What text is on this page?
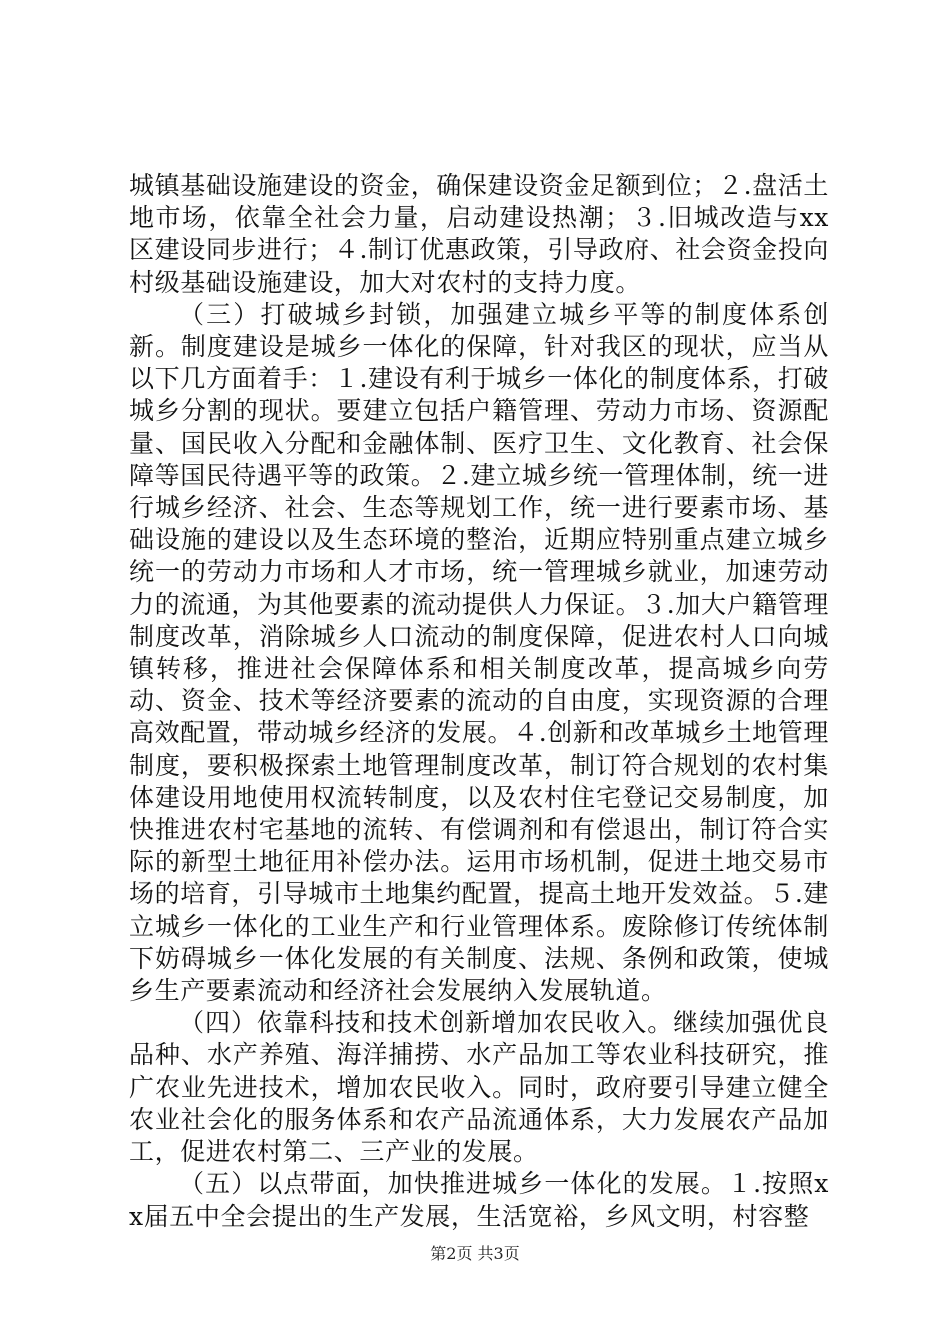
城镇基础设施建设的资金，确保建设资金足额到位；２.盘活土地市场，依靠全社会力量，启动建设热潮；３.旧城改造与xx区建设同步进行；４.制订优惠政策，引导政府、社会资金投向村级基础设施建设，加大对农村的支持力度。

（三）打破城乡封锁，加强建立城乡平等的制度体系创新。制度建设是城乡一体化的保障，针对我区的现状，应当从以下几方面着手：１.建设有利于城乡一体化的制度体系，打破城乡分割的现状。要建立包括户籍管理、劳动力市场、资源配量、国民收入分配和金融体制、医疗卫生、文化教育、社会保障等国民待遇平等的政策。２.建立城乡统一管理体制，统一进行城乡经济、社会、生态等规划工作，统一进行要素市场、基础设施的建设以及生态环境的整治，近期应特别重点建立城乡统一的劳动力市场和人才市场，统一管理城乡就业，加速劳动力的流通，为其他要素的流动提供人力保证。３.加大户籍管理制度改革，消除城乡人口流动的制度保障，促进农村人口向城镇转移，推进社会保障体系和相关制度改革，提高城乡向劳动、资金、技术等经济要素的流动的自由度，实现资源的合理高效配置，带动城乡经济的发展。４.创新和改革城乡土地管理制度，要积极探索土地管理制度改革，制订符合规划的农村集体建设用地使用权流转制度，以及农村住宅登记交易制度，加快推进农村宅基地的流转、有偿调剂和有偿退出，制订符合实际的新型土地征用补偿办法。运用市场机制，促进土地交易市场的培育，引导城市土地集约配置，提高土地开发效益。５.建立城乡一体化的工业生产和行业管理体系。废除修订传统体制下妨碍城乡一体化发展的有关制度、法规、条例和政策，使城乡生产要素流动和经济社会发展纳入发展轨道。

（四）依靠科技和技术创新增加农民收入。继续加强优良品种、水产养殖、海洋捕捞、水产品加工等农业科技研究，推广农业先进技术，增加农民收入。同时，政府要引导建立健全农业社会化的服务体系和农产品流通体系，大力发展农产品加工，促进农村第二、三产业的发展。

（五）以点带面，加快推进城乡一体化的发展。１.按照xx届五中全会提出的生产发展，生活宽裕，乡风文明，村容整

第2页 共3页
